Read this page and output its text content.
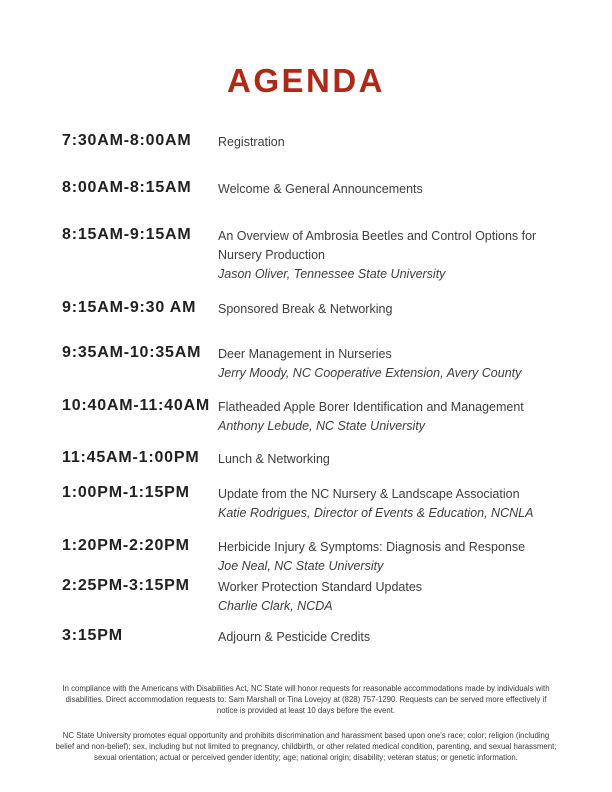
AGENDA
7:30AM-8:00AM	Registration
8:00AM-8:15AM	Welcome & General Announcements
8:15AM-9:15AM	An Overview of Ambrosia Beetles and Control Options for Nursery Production
Jason Oliver, Tennessee State University
9:15AM-9:30 AM	Sponsored Break & Networking
9:35AM-10:35AM	Deer Management in Nurseries
Jerry Moody, NC Cooperative Extension, Avery County
10:40AM-11:40AM Flatheaded Apple Borer Identification and Management
Anthony Lebude, NC State University
11:45AM-1:00PM	Lunch & Networking
1:00PM-1:15PM	Update from the NC Nursery & Landscape Association
Katie Rodrigues, Director of Events & Education, NCNLA
1:20PM-2:20PM	Herbicide Injury & Symptoms: Diagnosis and Response
Joe Neal, NC State University
2:25PM-3:15PM	Worker Protection Standard Updates
Charlie Clark, NCDA
3:15PM	Adjourn & Pesticide Credits
In compliance with the Americans with Disabilities Act, NC State will honor requests for reasonable accommodations made by individuals with disabilities. Direct accommodation requests to: Sam Marshall or Tina Lovejoy at (828) 757-1290. Requests can be served more effectively if notice is provided at least 10 days before the event.
NC State University promotes equal opportunity and prohibits discrimination and harassment based upon one's race; color; religion (including belief and non-belief); sex, including but not limited to pregnancy, childbirth, or other related medical condition, parenting, and sexual harassment; sexual orientation; actual or perceived gender identity; age; national origin; disability; veteran status; or genetic information.
